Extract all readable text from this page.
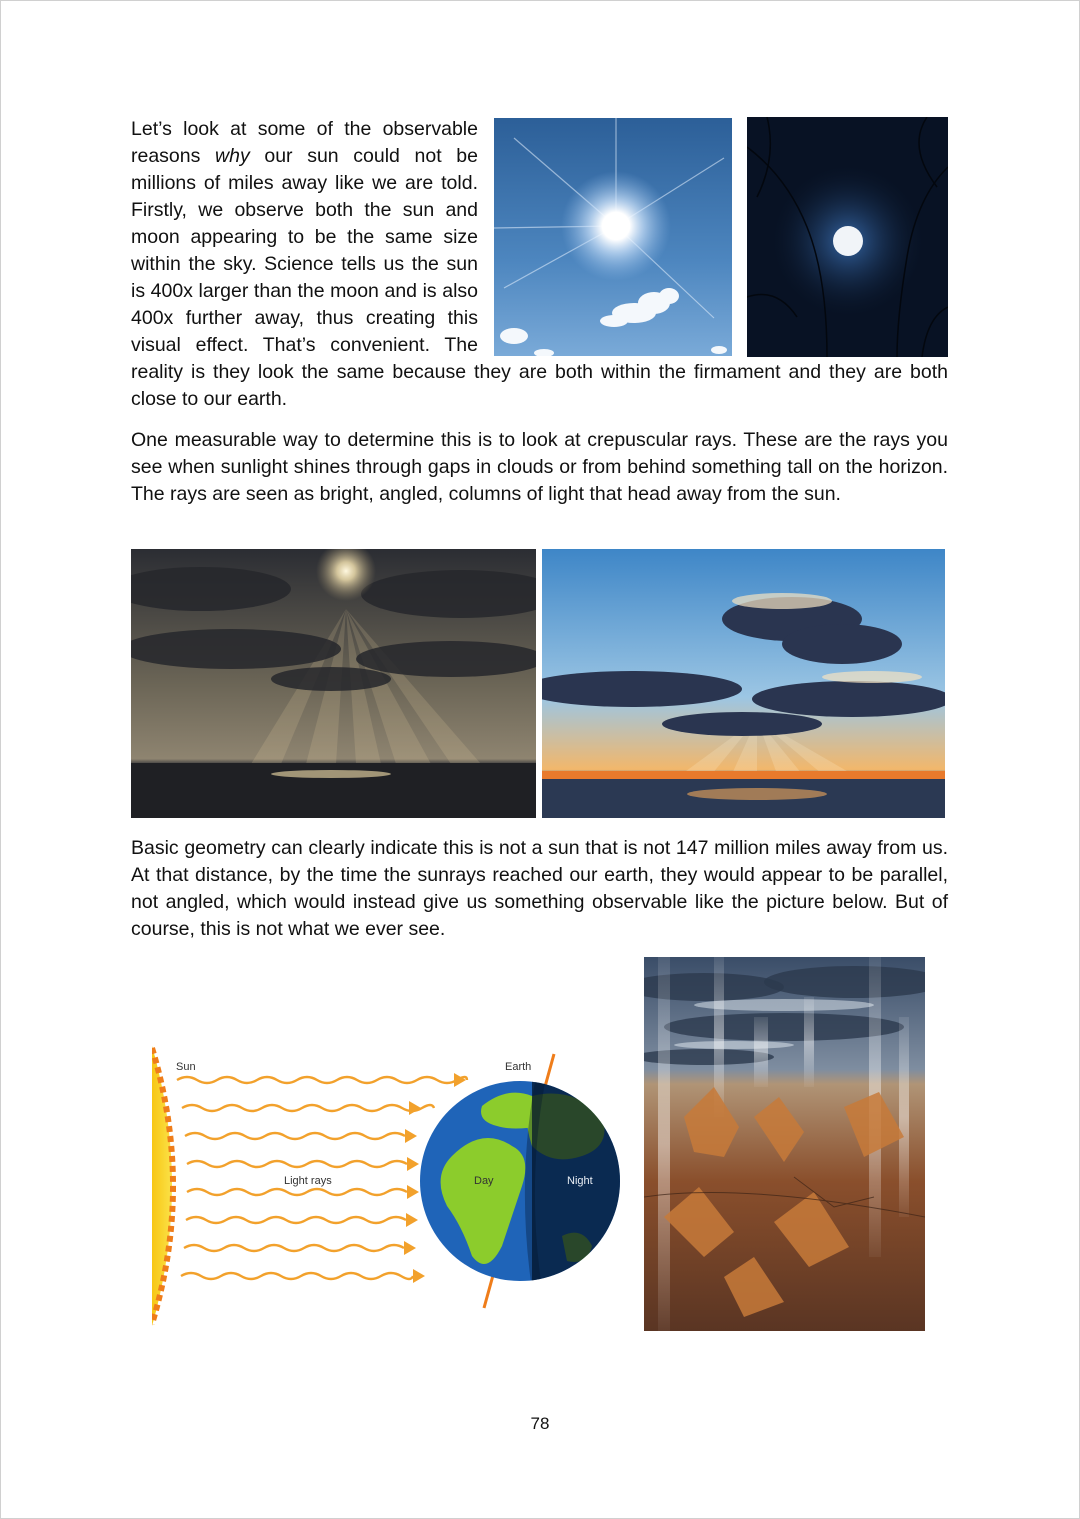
Let’s look at some of the observable reasons why our sun could not be millions of miles away like we are told. Firstly, we observe both the sun and moon appearing to be the same size within the sky. Science tells us the sun is 400x larger than the moon and is also 400x further away, thus creating this visual effect. That’s convenient. The reality is they look the same because they are both within the firmament and they are both close to our earth.

One measurable way to determine this is to look at crepuscular rays. These are the rays you see when sunlight shines through gaps in clouds or from behind something tall on the horizon. The rays are seen as bright, angled, columns of light that head away from the sun.

Basic geometry can clearly indicate this is not a sun that is not 147 million miles away from us. At that distance, by the time the sunrays reached our earth, they would appear to be parallel, not angled, which would instead give us something observable like the picture below. But of course, this is not what we ever see.

Sun
Light rays
Earth
Day	Night
78
